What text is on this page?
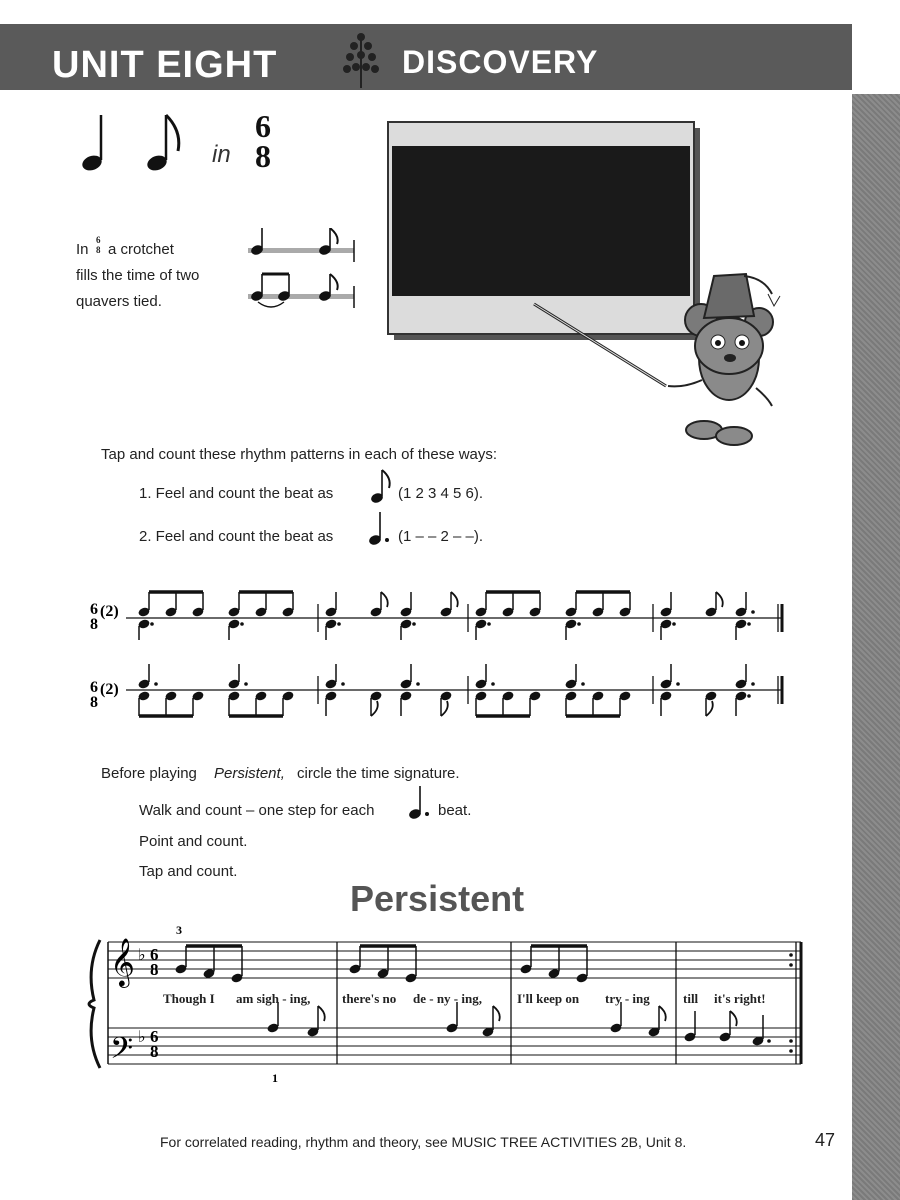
UNIT EIGHT	DISCOVERY
in
6
8
In
6
8 a crotchet
fills the time of two
quavers tied.
Tap and count these rhythm patterns in each of these ways:
1. Feel and count the beat as	(1 2 3 4 5 6).
2. Feel and count the beat as	(1 – – 2 – –).
6
8
(2)
6
8
(2)
Before playing Persistent, circle the time signature.
Walk and count – one step for each	beat.
Point and count.
Tap and count.
Persistent
𝄞
𝄢
♭
♭
6
8
6
8
3
1
Though I am sigh - ing, there's no de - ny - ing,	I'll keep on try - ing	till it's right!
For correlated reading, rhythm and theory, see MUSIC TREE ACTIVITIES 2B, Unit 8.	47
